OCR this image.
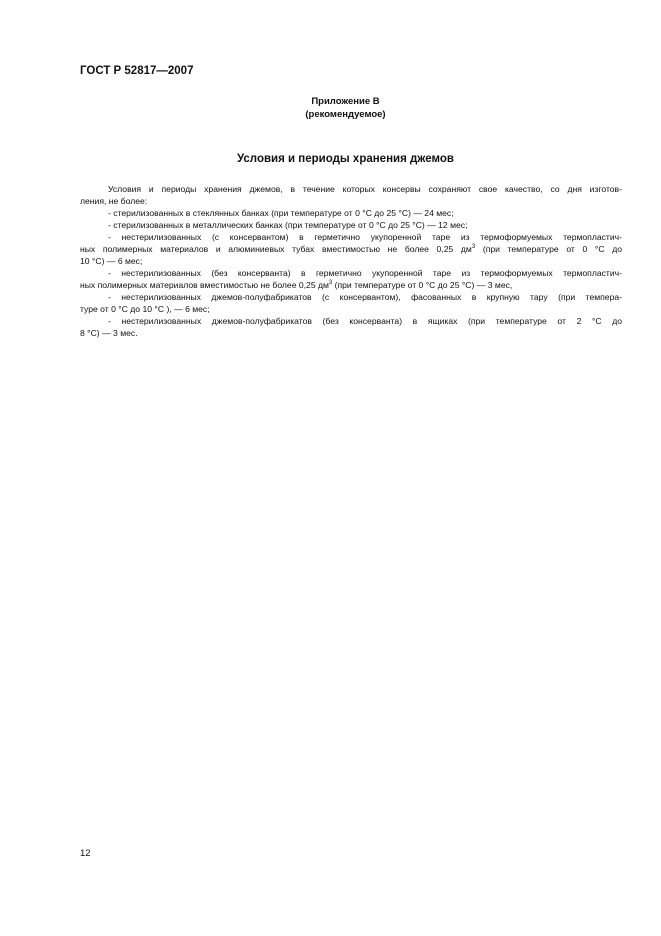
ГОСТ Р 52817—2007
Приложение В
(рекомендуемое)
Условия и периоды хранения джемов
Условия и периоды хранения джемов, в течение которых консервы сохраняют свое качество, со дня изготов-
ления, не более:
- стерилизованных в стеклянных банках (при температуре от 0 °С до 25 °С) — 24 мес;
- стерилизованных в металлических банках (при температуре от 0 °С до 25 °С) — 12 мес;
- нестерилизованных (с консервантом) в герметично укупоренной таре из термоформуемых термопластич-
ных полимерных материалов и алюминиевых тубах вместимостью не более 0,25 $дм^3$ (при температуре от 0 °С до
10 °С) — 6 мес;
- нестерилизованных (без консерванта) в герметично укупоренной таре из термоформуемых термопластич-
ных полимерных материалов вместимостью не более 0,25 $дм^3$ (при температуре от 0 °С до 25 °С) — 3 мес,
- нестерилизованных джемов-полуфабрикатов (с консервантом), фасованных в крупную тару (при темпера-
туре от 0 °С до 10 °С ), — 6 мес;
- нестерилизованных джемов-полуфабрикатов (без консерванта) в ящиках (при температуре от 2 °С до
8 °С) — 3 мес.
12
